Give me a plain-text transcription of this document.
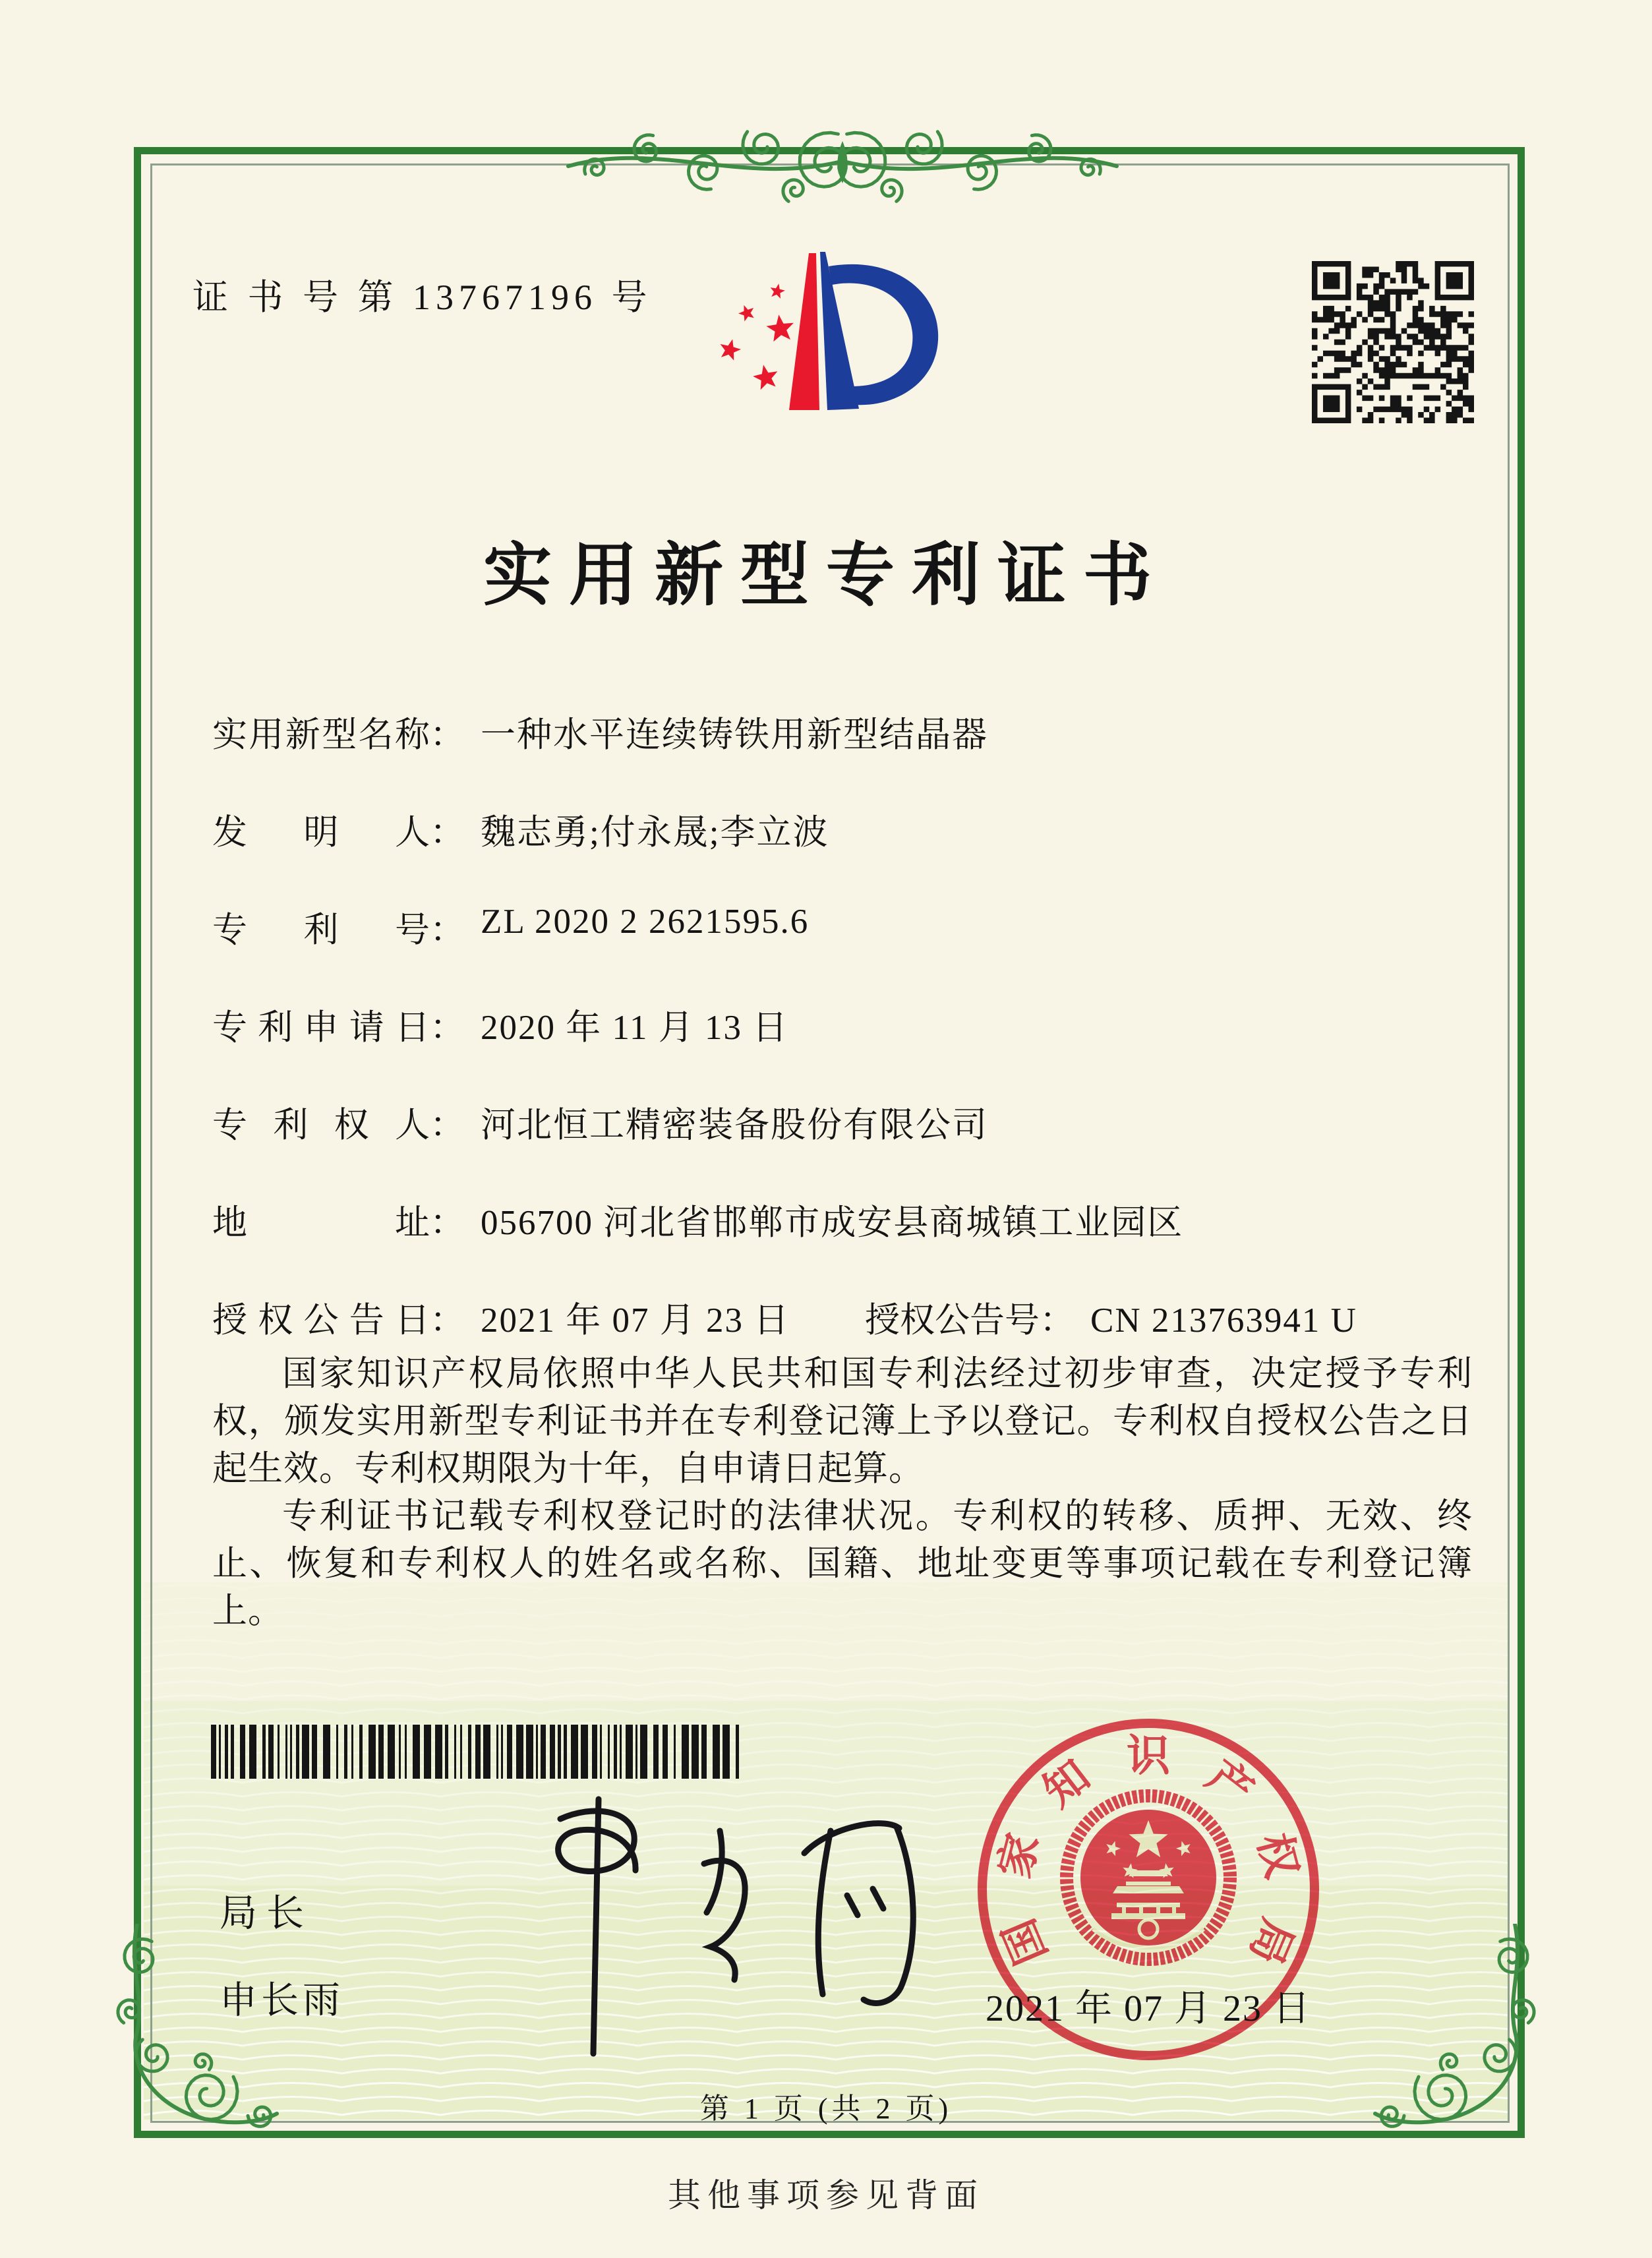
证 书 号 第 13767196 号
实用新型专利证书
实用新型名称： 一种水平连续铸铁用新型结晶器
发明人： 魏志勇;付永晟;李立波
专利号： ZL 2020 2 2621595.6
专利申请日： 2020 年 11 月 13 日
专利权人： 河北恒工精密装备股份有限公司
地址： 056700 河北省邯郸市成安县商城镇工业园区
授权公告日： 2021 年 07 月 23 日 授权公告号： CN 213763941 U

国家知识产权局依照中华人民共和国专利法经过初步审查，决定授予专利权，颁发实用新型专利证书并在专利登记簿上予以登记。专利权自授权公告之日起生效。专利权期限为十年，自申请日起算。

专利证书记载专利权登记时的法律状况。专利权的转移、质押、无效、终止、恢复和专利权人的姓名或名称、国籍、地址变更等事项记载在专利登记簿上。

局长
申长雨
国
家
知 识 产
权
局
2021 年 07 月 23 日
第 1 页 (共 2 页)
其他事项参见背面
